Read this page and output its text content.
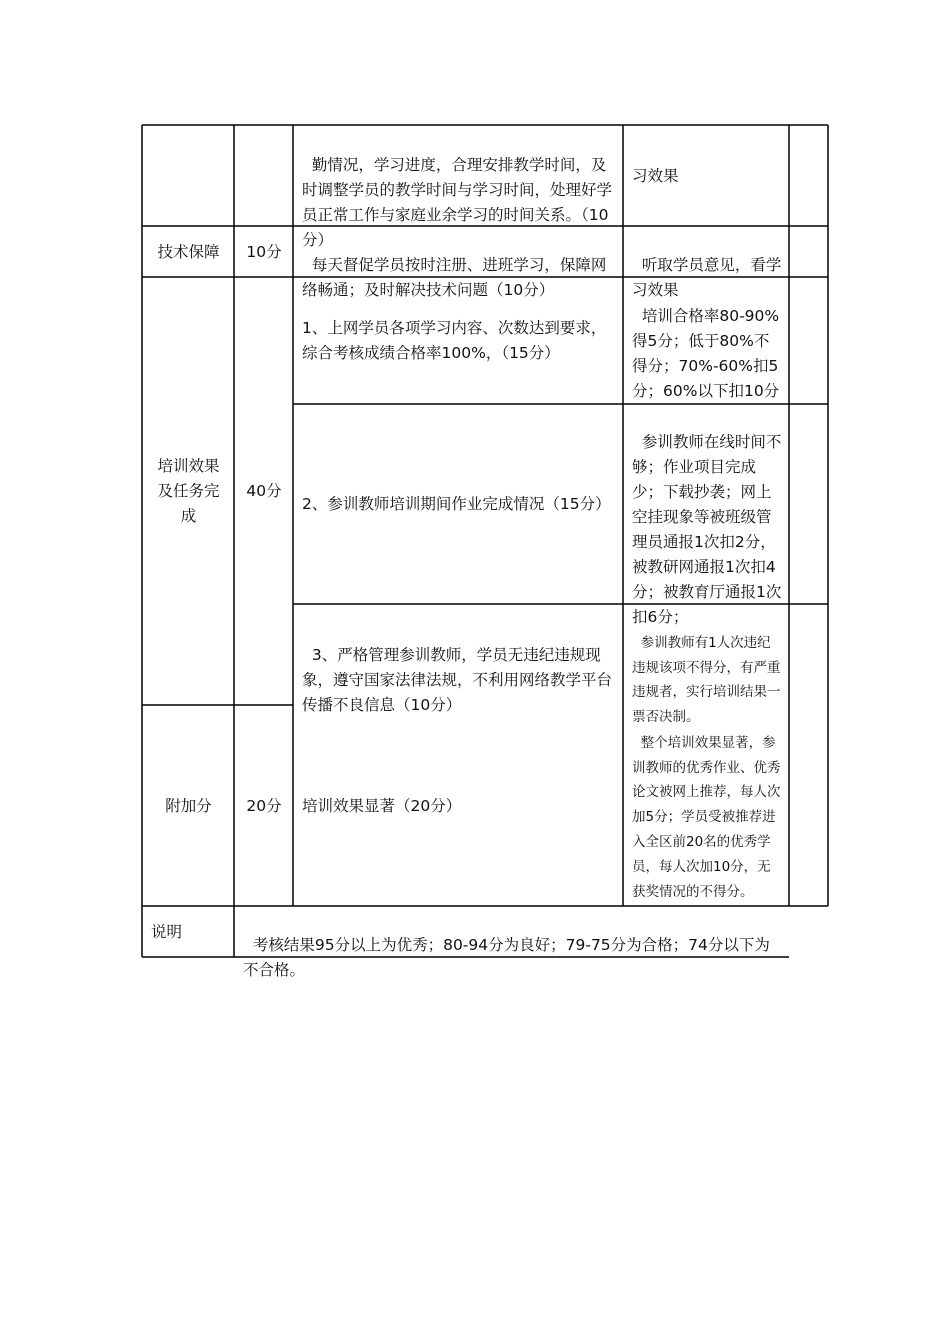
勤情况，学习进度，合理安排教学时间，及时调整学员的教学时间与学习时间，处理好学员正常工作与家庭业余学习的时间关系。（10分）

习效果
技术保障 10分

每天督促学员按时注册、进班学习，保障网络畅通；及时解决技术问题（10分）

听取学员意见，看学习效果

培训效果及任务完成
40分
1、上网学员各项学习内容、次数达到要求，综合考核成绩合格率100%，（15分）

培训合格率80-90%得5分；低于80%不得分；70%-60%扣5分；60%以下扣10分

2、参训教师培训期间作业完成情况（15分）

参训教师在线时间不够；作业项目完成少；下载抄袭；网上空挂现象等被班级管理员通报1次扣2分，被教研网通报1次扣4分；被教育厅通报1次扣6分；

3、严格管理参训教师，学员无违纪违规现象，遵守国家法律法规，不利用网络教学平台传播不良信息（10分）

参训教师有1人次违纪违规该项不得分，有严重违规者，实行培训结果一票否决制。

附加分 20分 培训效果显著（20分）

整个培训效果显著，参训教师的优秀作业、优秀论文被网上推荐，每人次加5分；学员受被推荐进入全区前20名的优秀学员，每人次加10分，无获奖情况的不得分。

说明

考核结果95分以上为优秀；80-94分为良好；79-75分为合格；74分以下为不合格。
